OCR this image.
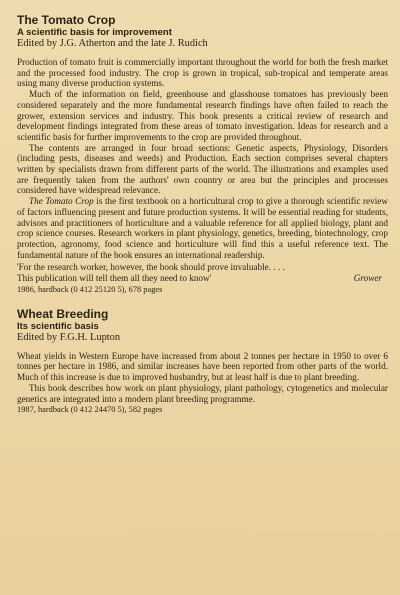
The Tomato Crop
A scientific basis for improvement
Edited by J.G. Atherton and the late J. Rudich

Production of tomato fruit is commercially important throughout the world for both the fresh market and the processed food industry. The crop is grown in tropical, sub-tropical and temperate areas using many diverse production systems.

Much of the information on field, greenhouse and glasshouse tomatoes has previously been considered separately and the more fundamental research findings have often failed to reach the grower, extension services and industry. This book presents a critical review of research and development findings integrated from these areas of tomato investigation. Ideas for research and a scientific basis for further improvements to the crop are provided throughout.

The contents are arranged in four broad sections: Genetic aspects, Physiology, Disorders (including pests, diseases and weeds) and Production. Each section comprises several chapters written by specialists drawn from different parts of the world. The illustrations and examples used are frequently taken from the authors' own country or area but the principles and processes considered have widespread relevance.

The Tomato Crop is the first textbook on a horticultural crop to give a thorough scientific review of factors influencing present and future production systems. It will be essential reading for students, advisors and practitioners of horticulture and a valuable reference for all applied biology, plant and crop science courses. Research workers in plant physiology, genetics, breeding, biotechnology, crop protection, agronomy, food science and horticulture will find this a useful reference text. The fundamental nature of the book ensures an international readership.

'For the research worker, however, the book should prove invaluable. . . .
This publication will tell them all they need to know'	Grower
1986, hardback (0 412 25120 5), 678 pages
Wheat Breeding
Its scientific basis
Edited by F.G.H. Lupton

Wheat yields in Western Europe have increased from about 2 tonnes per hectare in 1950 to over 6 tonnes per hectare in 1986, and similar increases have been reported from other parts of the world. Much of this increase is due to improved husbandry, but at least half is due to plant breeding.

This book describes how work on plant physiology, plant pathology, cytogenetics and molecular genetics are integrated into a modern plant breeding programme.

1987, hardback (0 412 24470 5), 582 pages
